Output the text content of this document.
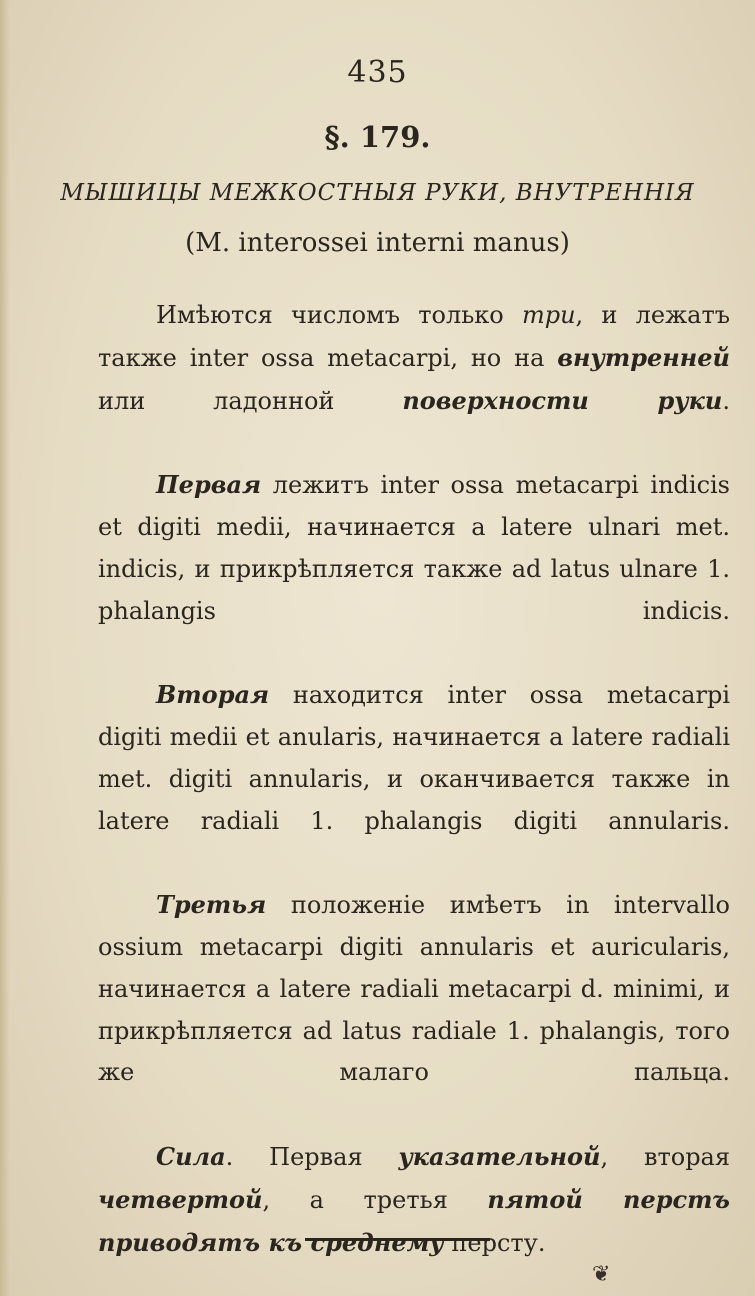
435
§. 179.
МЫШИЦЫ МЕЖКОСТНЫЯ РУКИ, ВНУТРЕННІЯ
(M. interossei interni manus)

Имѣются числомъ только три, и лежатъ также inter ossa metacarpi, но на внутренней или ладонной поверхности руки.

Первая лежитъ inter ossa metacarpi indicis et digiti medii, начинается a latere ulnari met. indicis, и прикрѣпляется также ad latus ulnare 1. phalangis indicis.

Вторая находится inter ossa metacarpi digiti medii et anularis, начинается a latere radiali met. digiti annularis, и оканчивается также in latere radiali 1. phalangis digiti annularis.

Третья положеніе имѣетъ in intervallo ossium metacarpi digiti annularis et auricularis, начинается a latere radiali metacarpi d. minimi, и прикрѣпляется ad latus radiale 1. phalangis, того же малаго пальца.

Сила. Первая указательной, вторая четвертой, а третья пятой перстъ приводятъ къ среднему персту.

❦
